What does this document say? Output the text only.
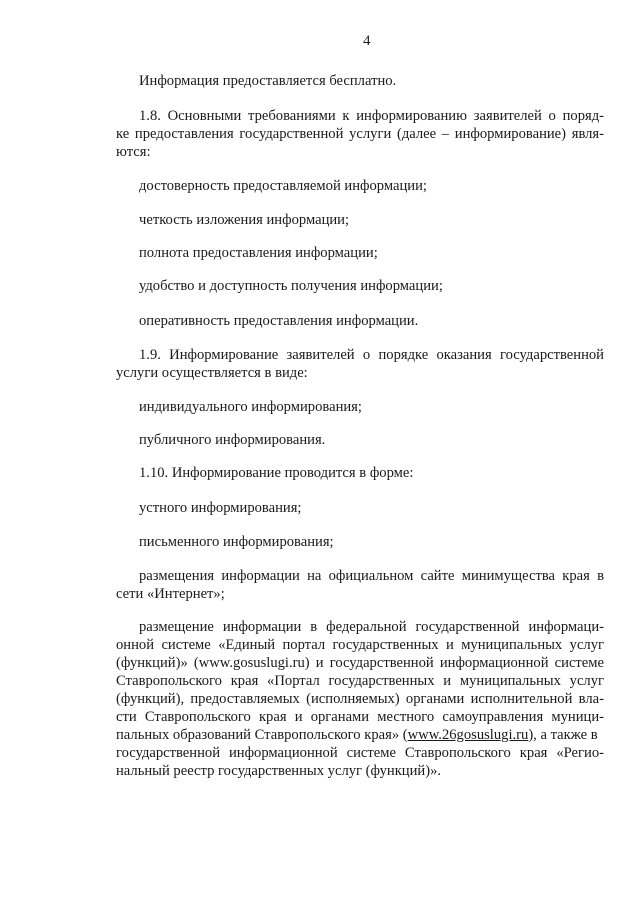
4
Информация предоставляется бесплатно.
1.8. Основными требованиями к информированию заявителей о поряд-
ке предоставления государственной услуги (далее – информирование) явля-
ются:
достоверность предоставляемой информации;
четкость изложения информации;
полнота предоставления информации;
удобство и доступность получения информации;
оперативность предоставления информации.
1.9. Информирование заявителей о порядке оказания государственной
услуги осуществляется в виде:
индивидуального информирования;
публичного информирования.
1.10. Информирование проводится в форме:
устного информирования;
письменного информирования;
размещения информации на официальном сайте минимущества края в
сети «Интернет»;
размещение информации в федеральной государственной информаци-
онной системе «Единый портал государственных и муниципальных услуг
(функций)» (www.gosuslugi.ru) и государственной информационной системе
Ставропольского края «Портал государственных и муниципальных услуг
(функций), предоставляемых (исполняемых) органами исполнительной вла-
сти Ставропольского края и органами местного самоуправления муници-
пальных образований Ставропольского края» (www.26gosuslugi.ru), а также в
государственной информационной системе Ставропольского края «Регио-
нальный реестр государственных услуг (функций)».
